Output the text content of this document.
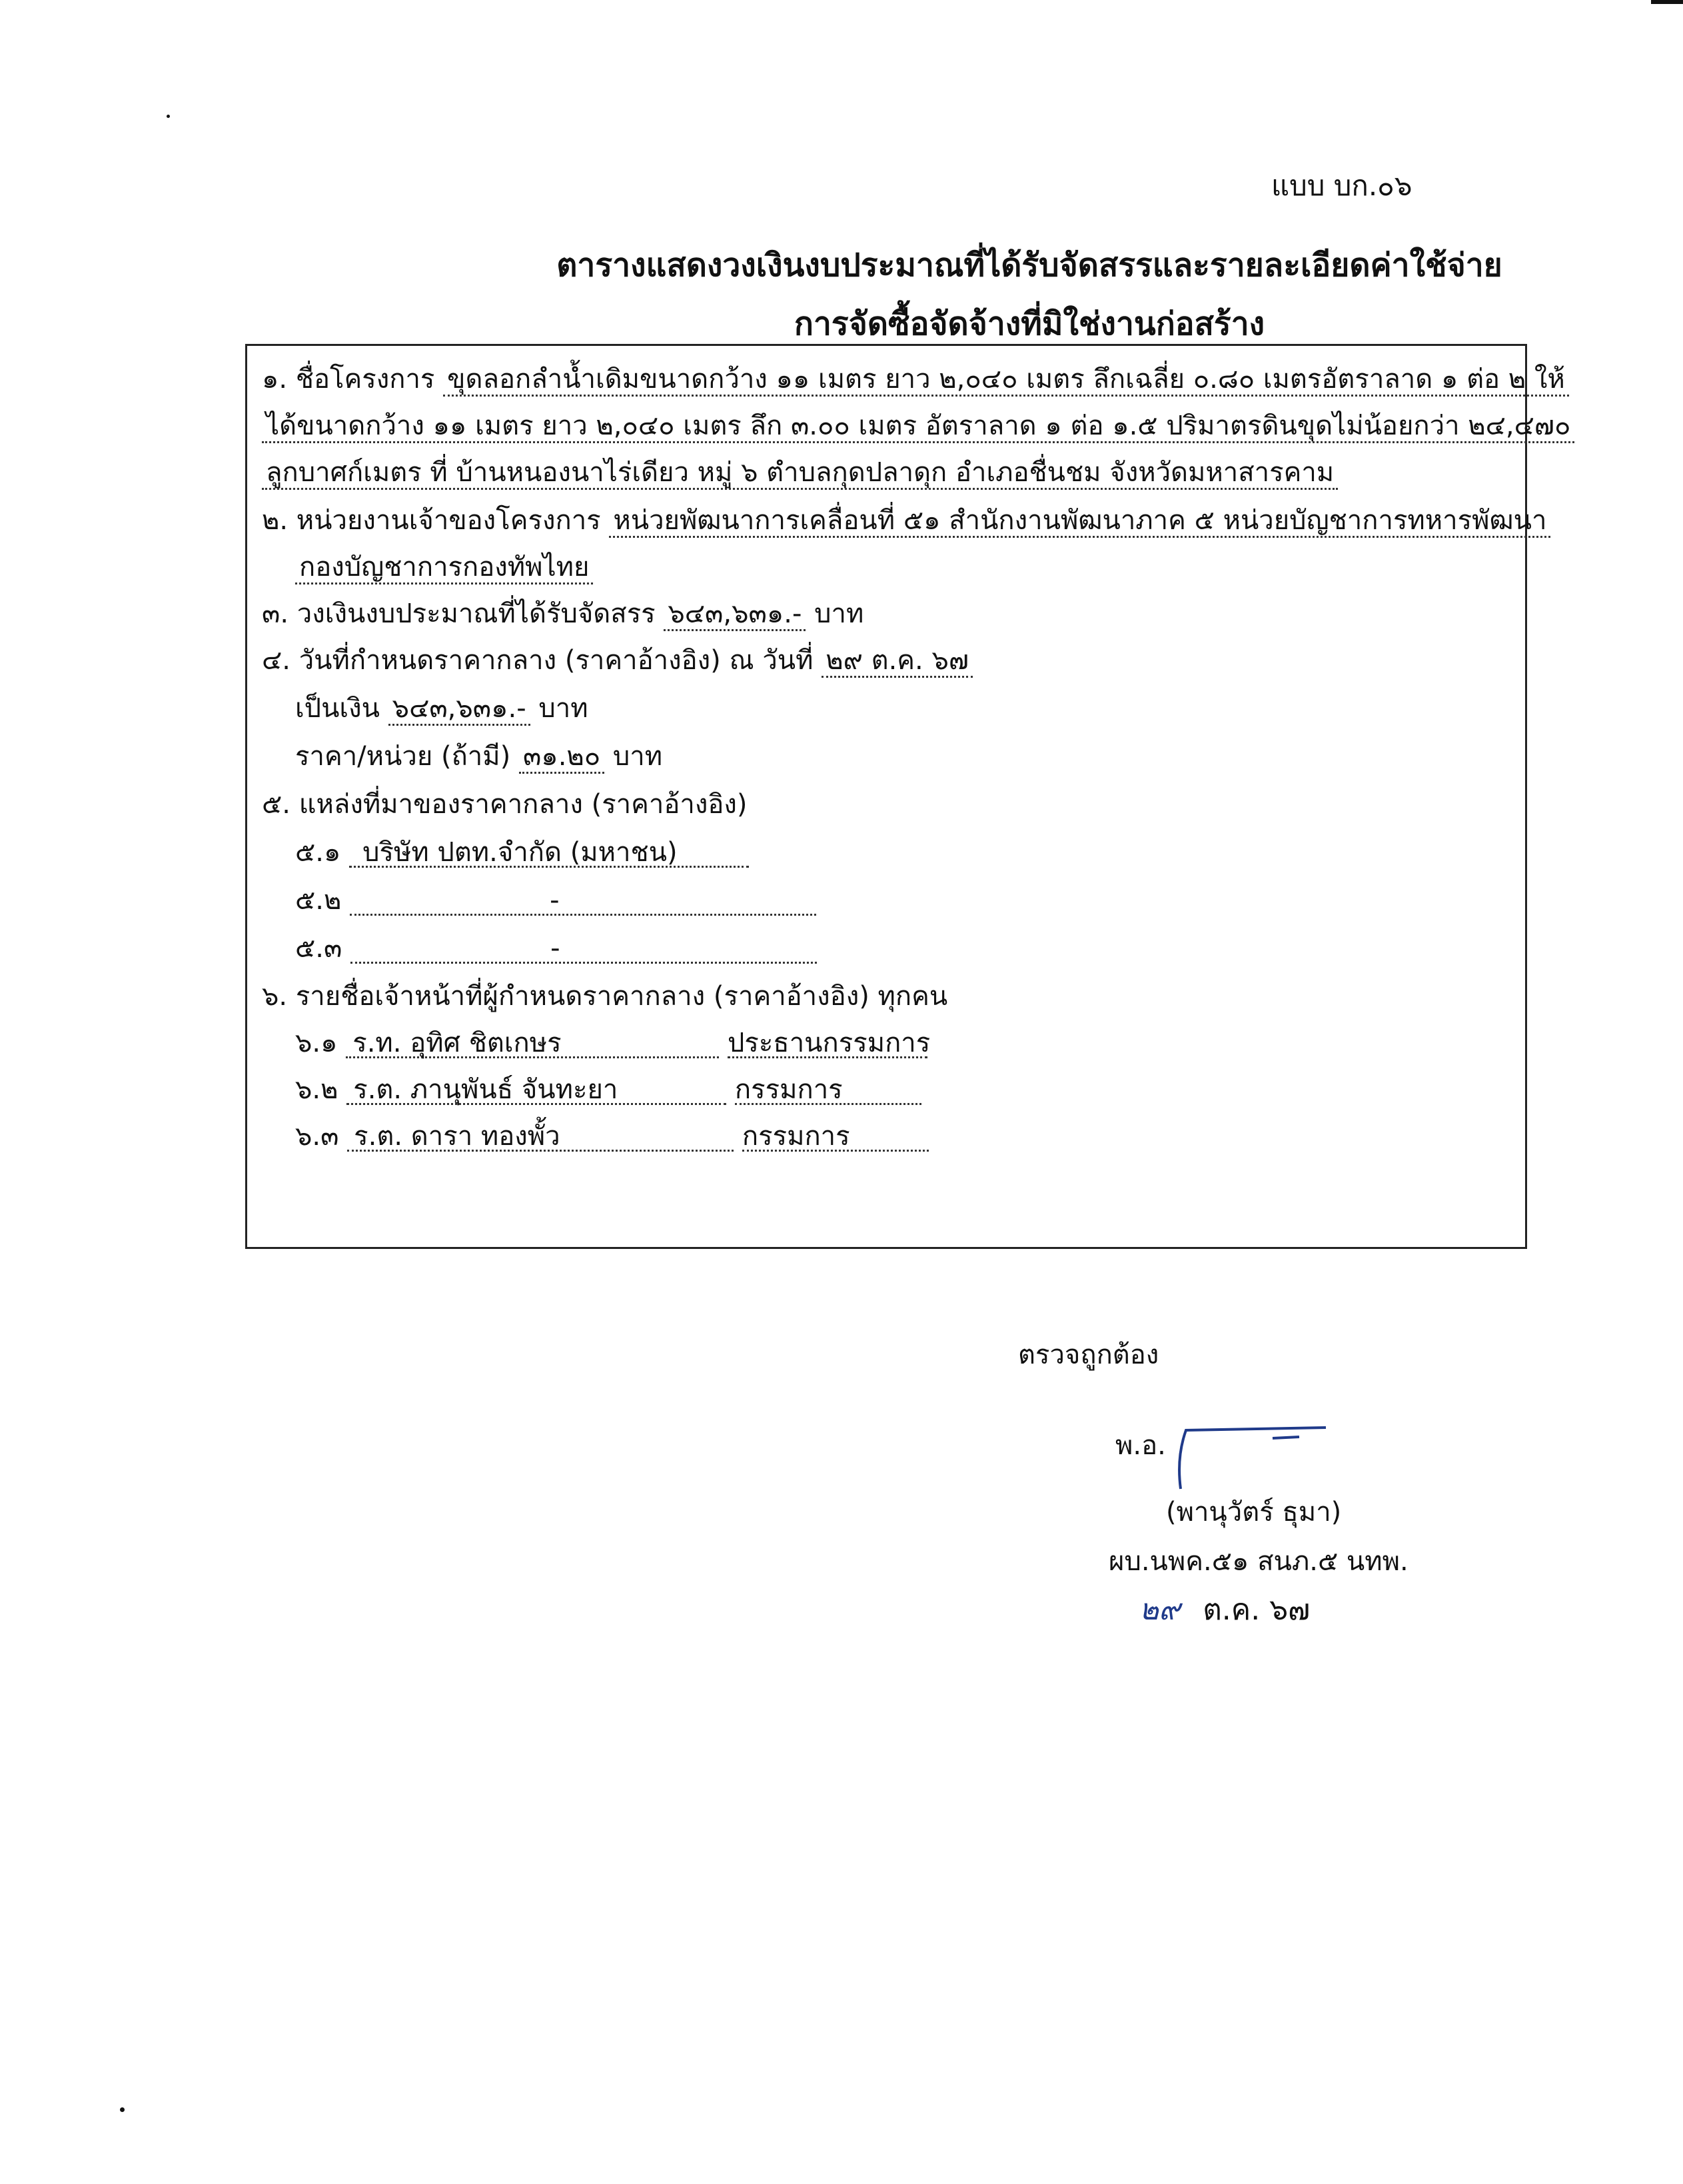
แบบ บก.๐๖
ตารางแสดงวงเงินงบประมาณที่ได้รับจัดสรรและรายละเอียดค่าใช้จ่าย
การจัดซื้อจัดจ้างที่มิใช่งานก่อสร้าง
๑. ชื่อโครงการ ขุดลอกลำน้ำเดิมขนาดกว้าง ๑๑ เมตร ยาว ๒,๐๔๐ เมตร ลึกเฉลี่ย ๐.๘๐ เมตรอัตราลาด ๑ ต่อ ๒ ให้
ได้ขนาดกว้าง ๑๑ เมตร ยาว ๒,๐๔๐ เมตร ลึก ๓.๐๐ เมตร อัตราลาด ๑ ต่อ ๑.๕ ปริมาตรดินขุดไม่น้อยกว่า ๒๔,๔๗๐
ลูกบาศก์เมตร ที่ บ้านหนองนาไร่เดียว หมู่ ๖ ตำบลกุดปลาดุก อำเภอชื่นชม จังหวัดมหาสารคาม
๒. หน่วยงานเจ้าของโครงการ หน่วยพัฒนาการเคลื่อนที่ ๕๑ สำนักงานพัฒนาภาค ๕ หน่วยบัญชาการทหารพัฒนา
กองบัญชาการกองทัพไทย
๓. วงเงินงบประมาณที่ได้รับจัดสรร ๖๔๓,๖๓๑.- บาท
๔. วันที่กำหนดราคากลาง (ราคาอ้างอิง) ณ วันที่ ๒๙ ต.ค. ๖๗
เป็นเงิน ๖๔๓,๖๓๑.- บาท
ราคา/หน่วย (ถ้ามี) ๓๑.๒๐ บาท
๕. แหล่งที่มาของราคากลาง (ราคาอ้างอิง)
๕.๑ บริษัท ปตท.จำกัด (มหาชน)
๕.๒	-
๕.๓	-
๖. รายชื่อเจ้าหน้าที่ผู้กำหนดราคากลาง (ราคาอ้างอิง) ทุกคน
๖.๑ ร.ท. อุทิศ ชิตเกษร	ประธานกรรมการ
๖.๒ ร.ต. ภานุพันธ์ จันทะยา	กรรมการ
๖.๓ ร.ต. ดารา ทองพั้ว	กรรมการ
ตรวจถูกต้อง
พ.อ.
(พานุวัตร์ ธุมา)
ผบ.นพค.๕๑ สนภ.๕ นทพ.
๒๙ ต.ค. ๖๗
